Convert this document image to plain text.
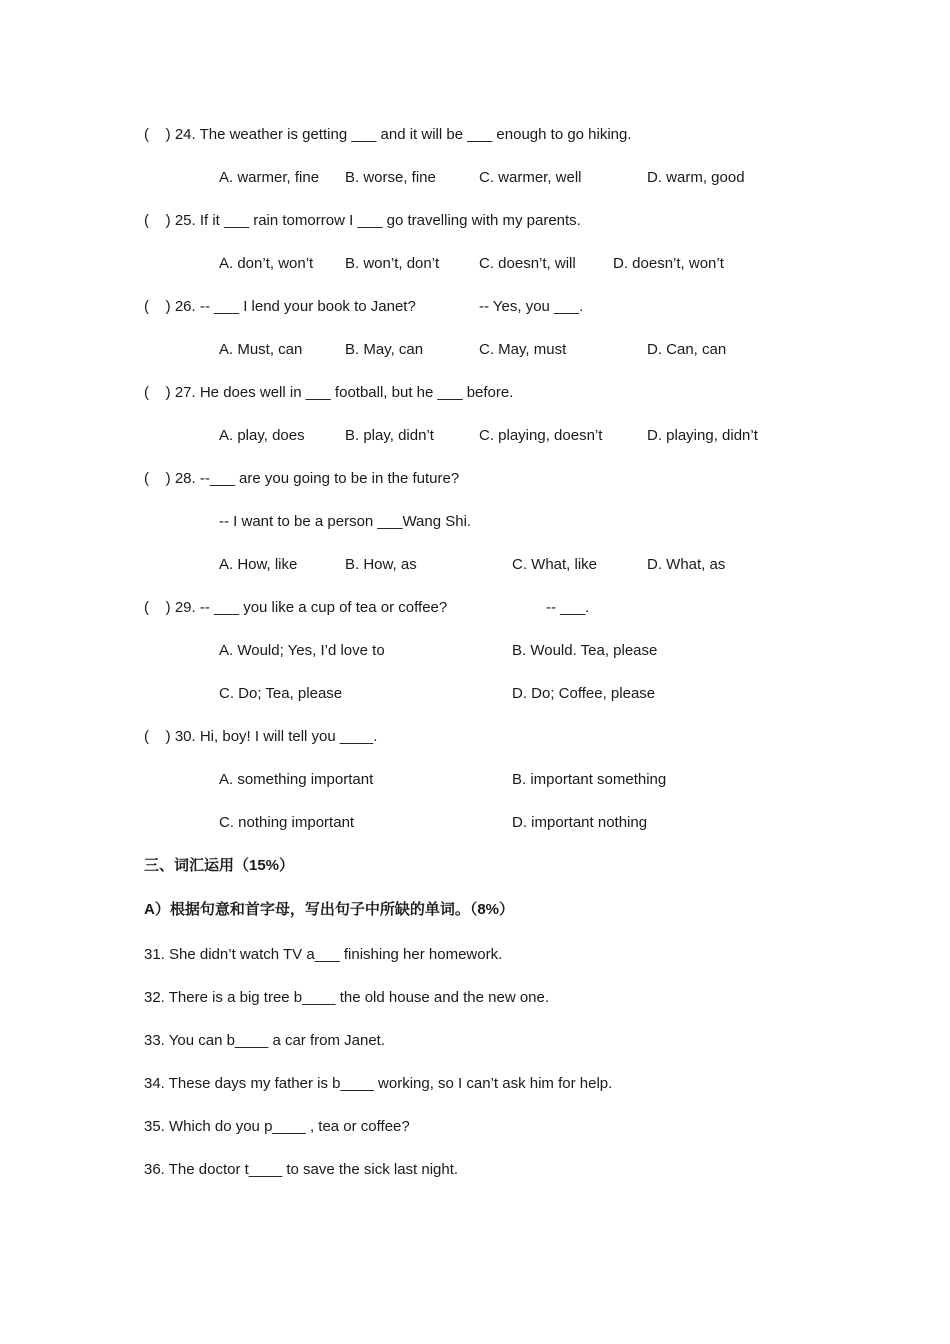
(    ) 24. The weather is getting ___ and it will be ___ enough to go hiking.
A. warmer, fine B. worse, fine	C. warmer, well	D. warm, good
(    ) 25. If it ___ rain tomorrow I ___ go travelling with my parents.
A. don’t, won’t B. won’t, don’t	C. doesn’t, will D. doesn’t, won’t
(    ) 26. -- ___ I lend your book to Janet?	-- Yes, you ___.
A. Must, can	B. May, can	C. May, must	D. Can, can
(    ) 27. He does well in ___ football, but he ___ before.
A. play, does	B. play, didn’t	C. playing, doesn’t	D. playing, didn’t
(    ) 28. --___ are you going to be in the future?
-- I want to be a person ___Wang Shi.
A. How, like	B. How, as	C. What, like	D. What, as
(    ) 29. -- ___ you like a cup of tea or coffee?	-- ___.
A. Would; Yes, I’d love to	B. Would. Tea, please
C. Do; Tea, please	D. Do; Coffee, please
(    ) 30. Hi, boy! I will tell you ____.
A. something important	B. important something
C. nothing important	D. important nothing
三、词汇运用（15%）
A）根据句意和首字母，写出句子中所缺的单词。（8%）
31. She didn’t watch TV a___ finishing her homework.
32. There is a big tree b____ the old house and the new one.
33. You can b____ a car from Janet.
34. These days my father is b____ working, so I can’t ask him for help.
35. Which do you p____ , tea or coffee?
36. The doctor t____ to save the sick last night.
